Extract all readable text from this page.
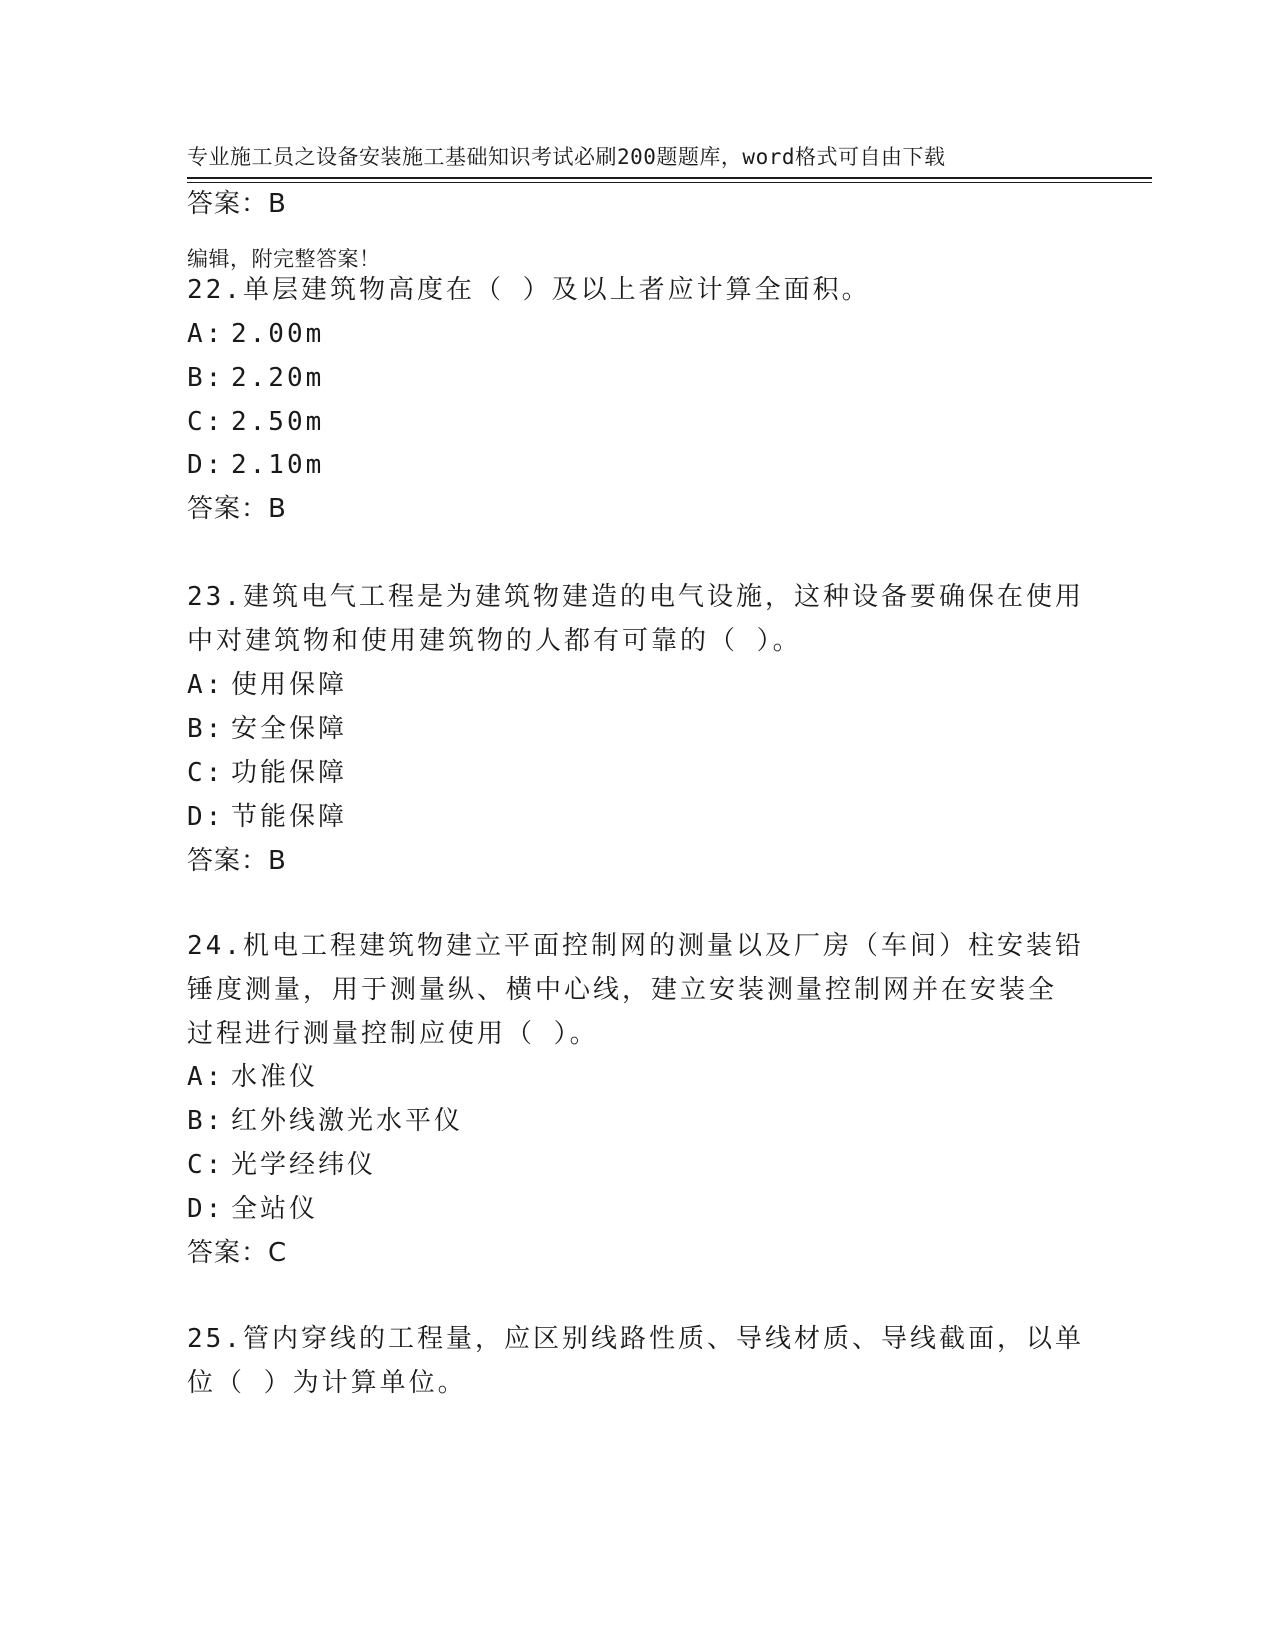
专业施工员之设备安装施工基础知识考试必刷200题题库，word格式可自由下载

编辑，附完整答案！

答案：B
22.单层建筑物高度在（ ）及以上者应计算全面积。
A: 2.00m
B: 2.20m
C: 2.50m
D: 2.10m
答案：B
23.建筑电气工程是为建筑物建造的电气设施，这种设备要确保在使用
中对建筑物和使用建筑物的人都有可靠的（ ）。
A: 使用保障
B: 安全保障
C: 功能保障
D: 节能保障
答案：B
24.机电工程建筑物建立平面控制网的测量以及厂房（车间）柱安装铅
锤度测量，用于测量纵、横中心线，建立安装测量控制网并在安装全
过程进行测量控制应使用（ ）。
A: 水准仪
B: 红外线激光水平仪
C: 光学经纬仪
D: 全站仪
答案：C
25.管内穿线的工程量，应区别线路性质、导线材质、导线截面，以单
位（ ）为计算单位。
